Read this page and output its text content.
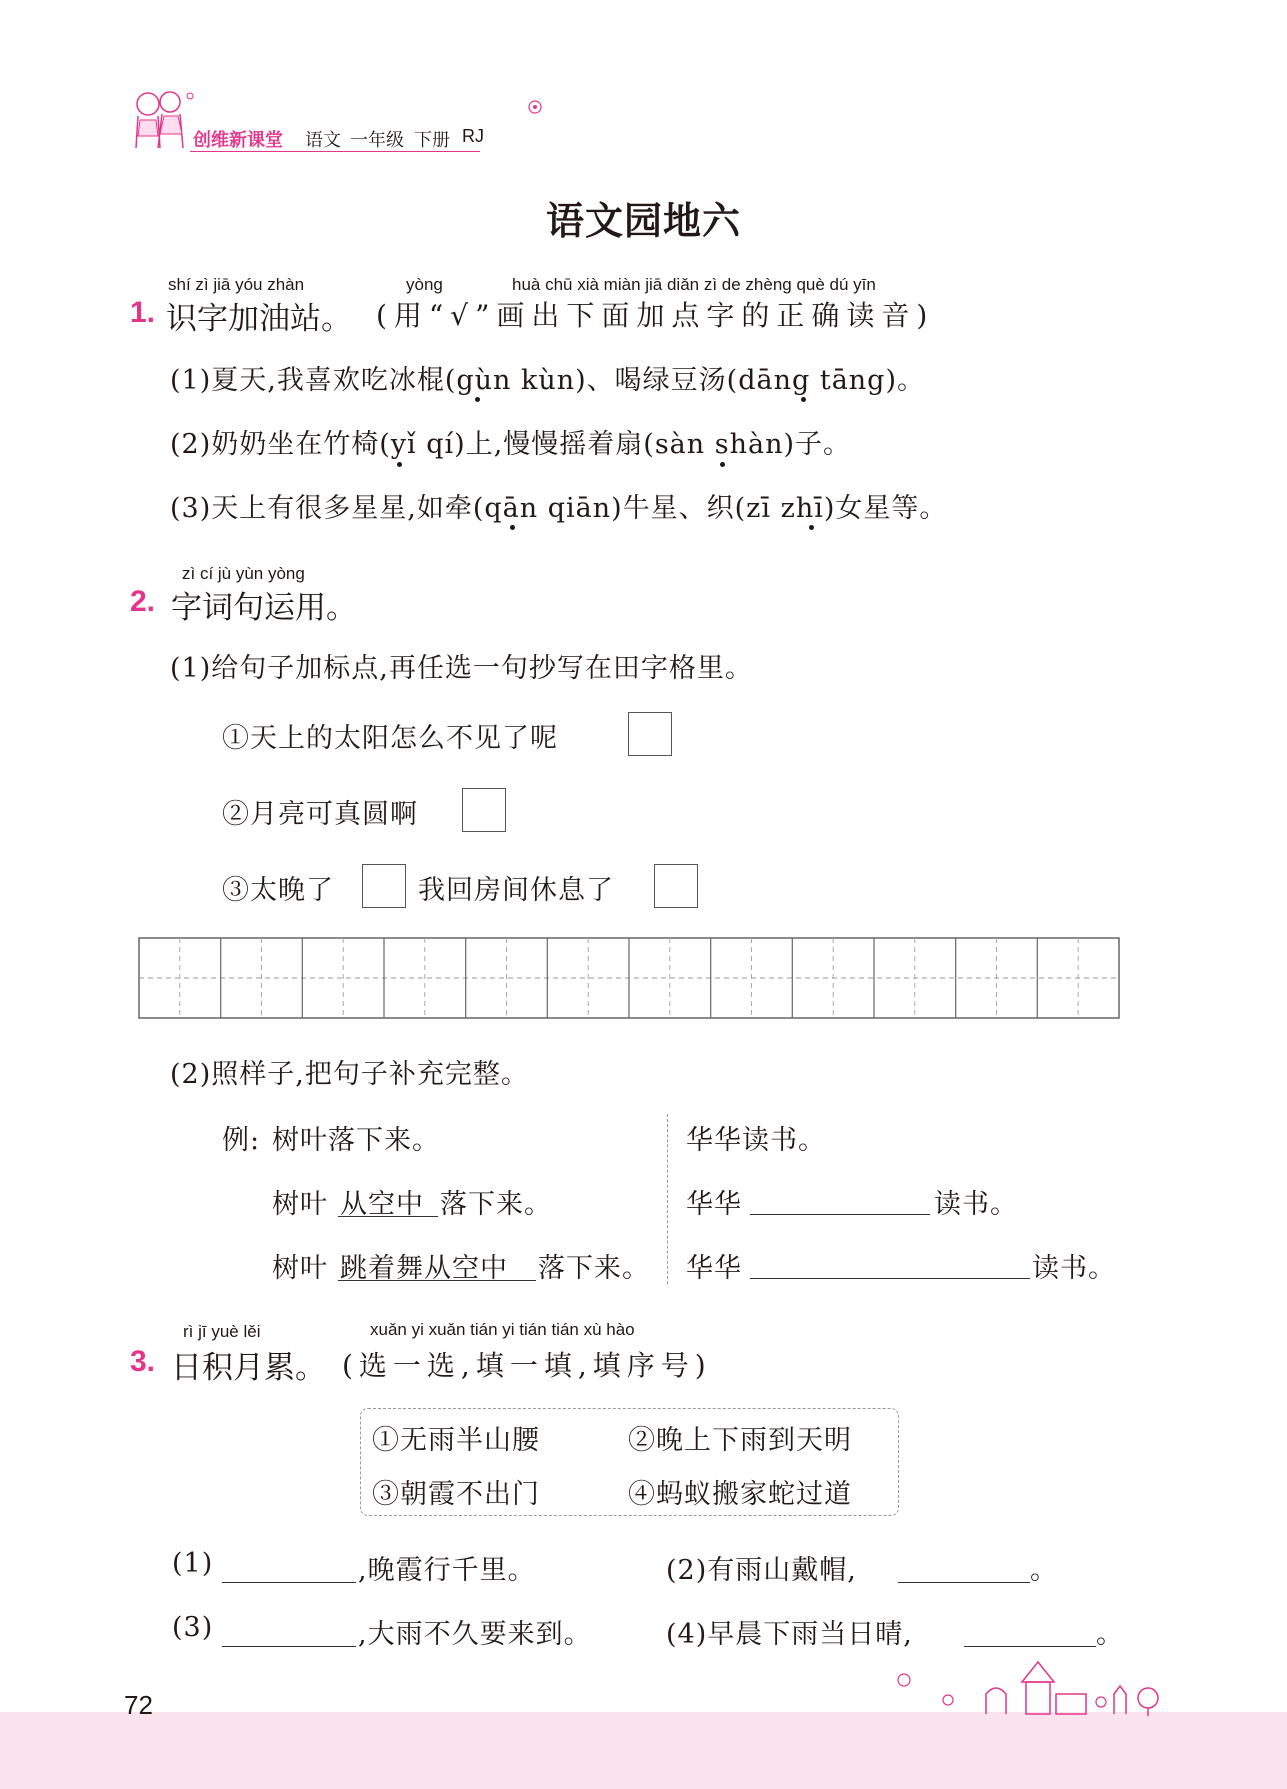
创维新课堂 语文 一年级 下册 RJ
语文园地六
shí zì jiā yóu zhàn	yòng	huà chū xià miàn jiā diǎn zì de zhèng què dú yīn
1. 识字加油站。 (用“√”画出下面加点字的正确读音)
(1)夏天,我喜欢吃冰棍(gùn kùn)、喝绿豆汤(dāng tāng)。
(2)奶奶坐在竹椅(yǐ qí)上,慢慢摇着扇(sàn shàn)子。
(3)天上有很多星星,如牵(qān qiān)牛星、织(zī zhī)女星等。
zì cí jù yùn yòng
2. 字词句运用。
(1)给句子加标点,再任选一句抄写在田字格里。
①天上的太阳怎么不见了呢
②月亮可真圆啊
③太晚了	我回房间休息了
(2)照样子,把句子补充完整。
例: 树叶落下来。
树叶 从空中 落下来。
树叶 跳着舞从空中 落下来。
华华读书。
华华	读书。
华华	读书。
rì jī yuè lěi	xuǎn yi xuǎn tián yi tián tián xù hào
3. 日积月累。 (选一选,填一填,填序号)
①无雨半山腰	②晚上下雨到天明
③朝霞不出门	④蚂蚁搬家蛇过道
(1)	,晚霞行千里。	(2)有雨山戴帽,	。
(3)	,大雨不久要来到。	(4)早晨下雨当日晴,	。
72
